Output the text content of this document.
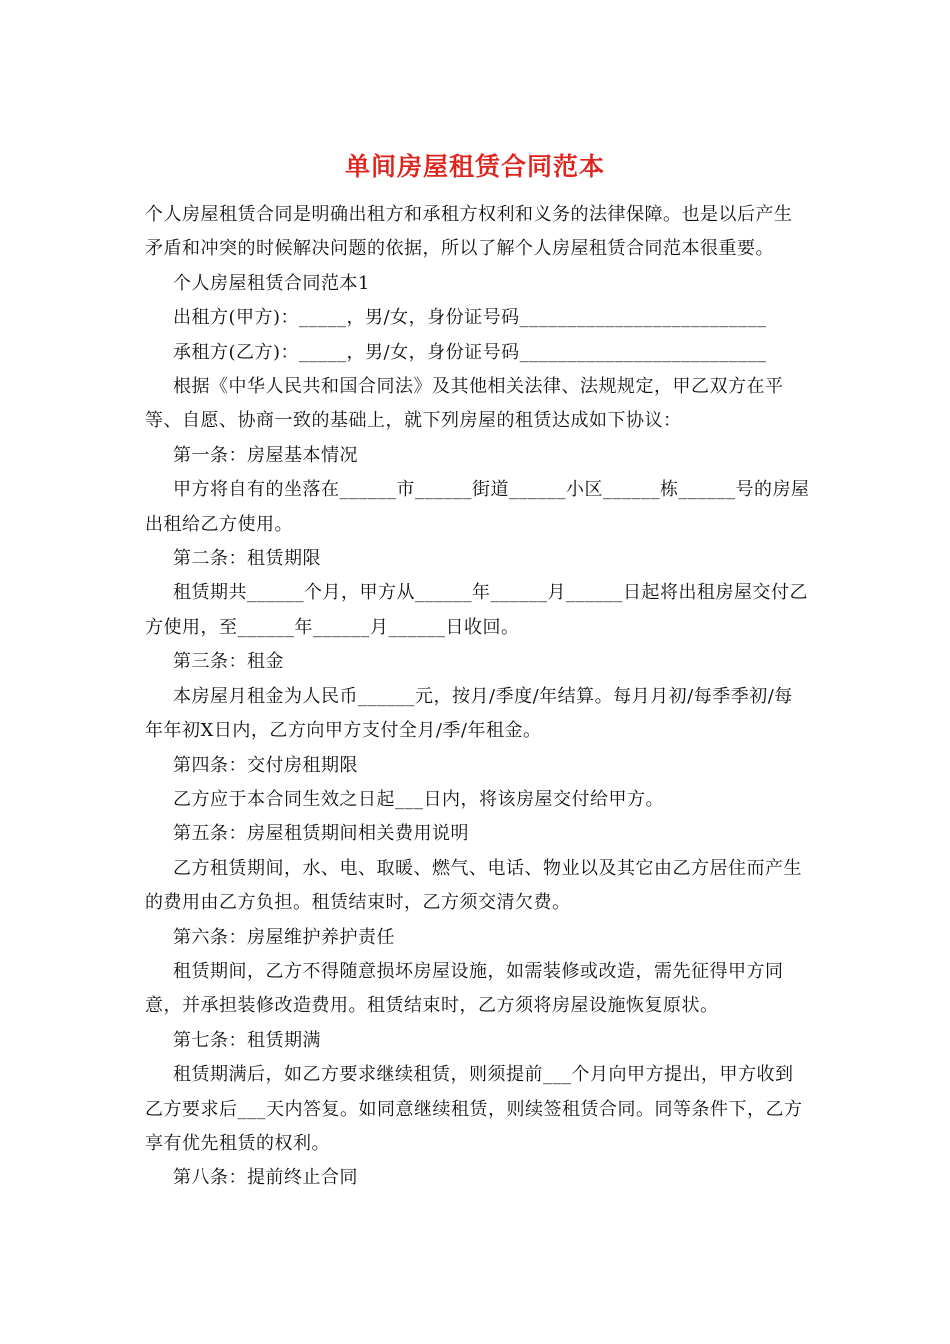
单间房屋租赁合同范本

个人房屋租赁合同是明确出租方和承租方权利和义务的法律保障。也是以后产生矛盾和冲突的时候解决问题的依据，所以了解个人房屋租赁合同范本很重要。

个人房屋租赁合同范本1

出租方(甲方)：_____，男/女，身份证号码__________________________

承租方(乙方)：_____，男/女，身份证号码__________________________

根据《中华人民共和国合同法》及其他相关法律、法规规定，甲乙双方在平等、自愿、协商一致的基础上，就下列房屋的租赁达成如下协议：

第一条：房屋基本情况

甲方将自有的坐落在______市______街道______小区______栋______号的房屋出租给乙方使用。

第二条：租赁期限

租赁期共______个月，甲方从______年______月______日起将出租房屋交付乙方使用，至______年______月______日收回。

第三条：租金

本房屋月租金为人民币______元，按月/季度/年结算。每月月初/每季季初/每年年初X日内，乙方向甲方支付全月/季/年租金。

第四条：交付房租期限

乙方应于本合同生效之日起___日内，将该房屋交付给甲方。

第五条：房屋租赁期间相关费用说明

乙方租赁期间，水、电、取暖、燃气、电话、物业以及其它由乙方居住而产生的费用由乙方负担。租赁结束时，乙方须交清欠费。

第六条：房屋维护养护责任

租赁期间，乙方不得随意损坏房屋设施，如需装修或改造，需先征得甲方同意，并承担装修改造费用。租赁结束时，乙方须将房屋设施恢复原状。

第七条：租赁期满

租赁期满后，如乙方要求继续租赁，则须提前___个月向甲方提出，甲方收到乙方要求后___天内答复。如同意继续租赁，则续签租赁合同。同等条件下，乙方享有优先租赁的权利。

第八条：提前终止合同
